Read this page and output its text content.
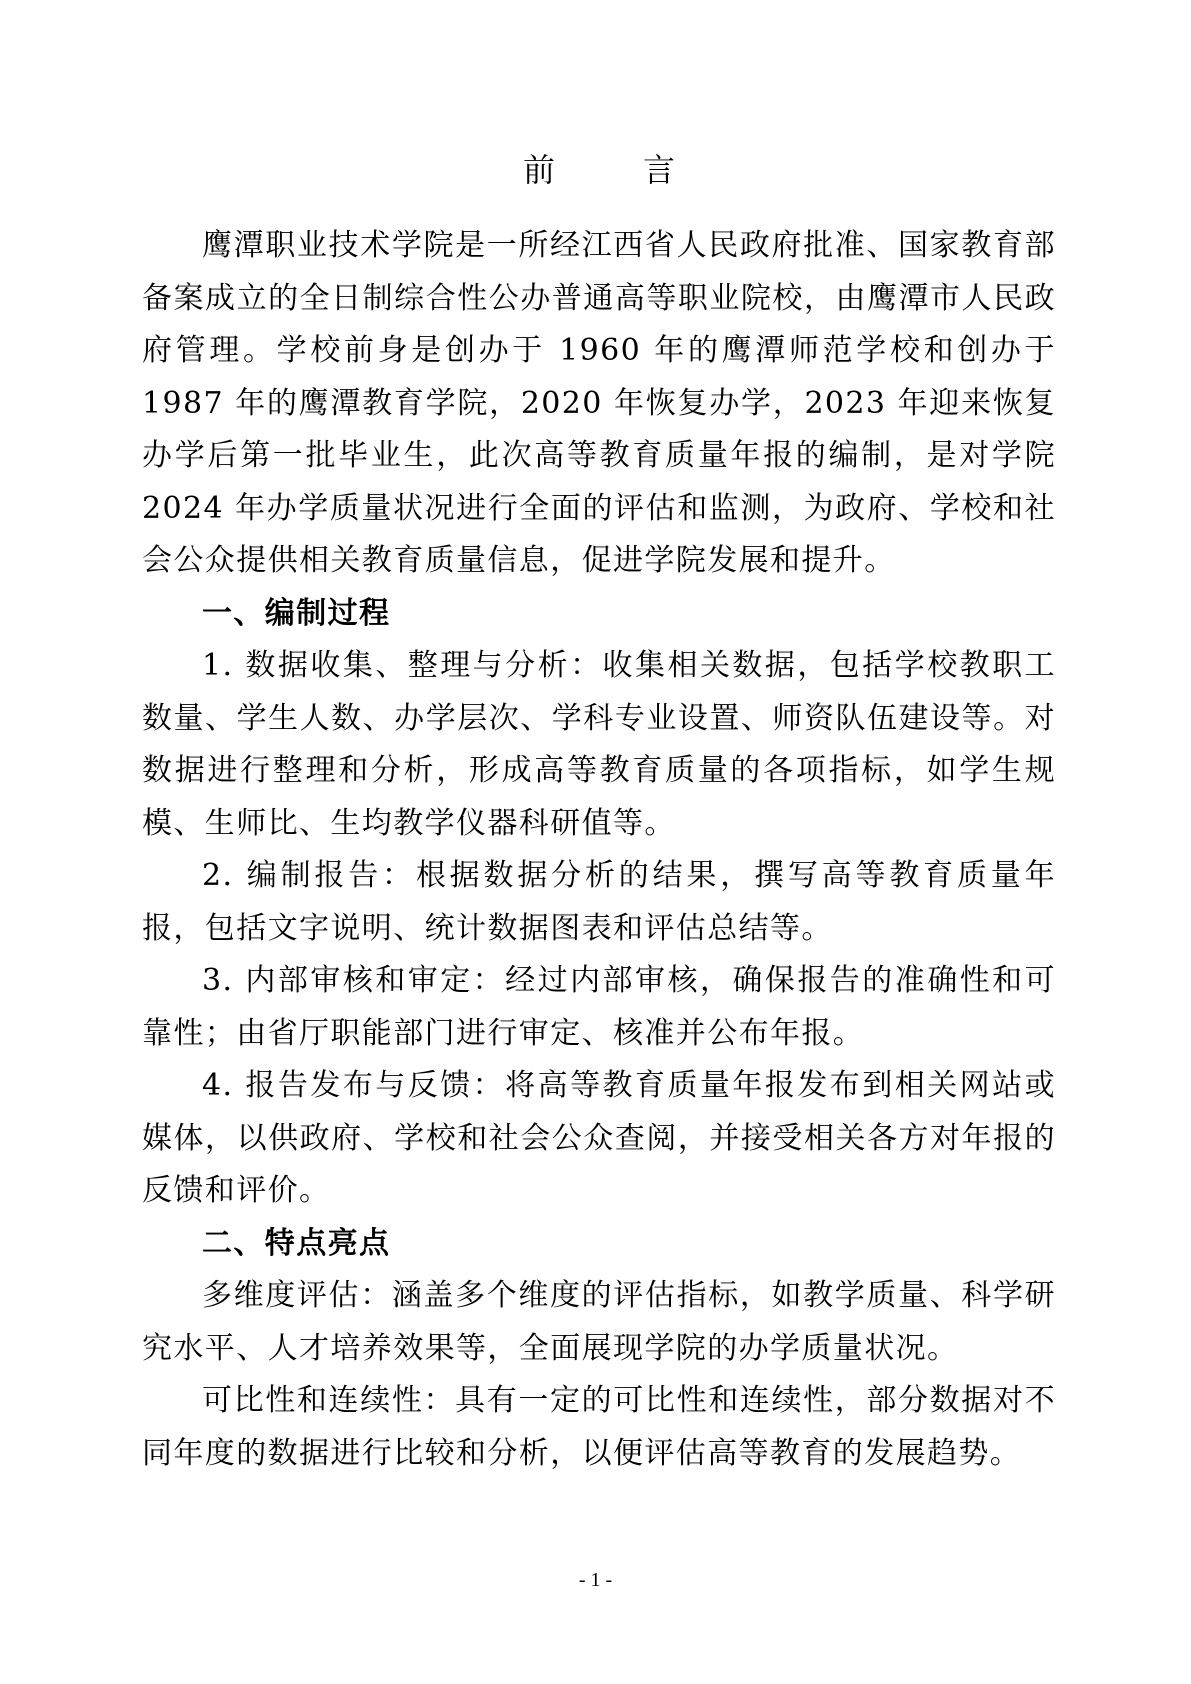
前　言

鹰潭职业技术学院是一所经江西省人民政府批准、国家教育部备案成立的全日制综合性公办普通高等职业院校，由鹰潭市人民政府管理。学校前身是创办于 1960 年的鹰潭师范学校和创办于 1987 年的鹰潭教育学院，2020 年恢复办学，2023 年迎来恢复办学后第一批毕业生，此次高等教育质量年报的编制，是对学院 2024 年办学质量状况进行全面的评估和监测，为政府、学校和社会公众提供相关教育质量信息，促进学院发展和提升。

一、编制过程

1. 数据收集、整理与分析：收集相关数据，包括学校教职工数量、学生人数、办学层次、学科专业设置、师资队伍建设等。对数据进行整理和分析，形成高等教育质量的各项指标，如学生规模、生师比、生均教学仪器科研值等。

2. 编制报告：根据数据分析的结果，撰写高等教育质量年报，包括文字说明、统计数据图表和评估总结等。

3. 内部审核和审定：经过内部审核，确保报告的准确性和可靠性；由省厅职能部门进行审定、核准并公布年报。

4. 报告发布与反馈：将高等教育质量年报发布到相关网站或媒体，以供政府、学校和社会公众查阅，并接受相关各方对年报的反馈和评价。

二、特点亮点

多维度评估：涵盖多个维度的评估指标，如教学质量、科学研究水平、人才培养效果等，全面展现学院的办学质量状况。

可比性和连续性：具有一定的可比性和连续性，部分数据对不同年度的数据进行比较和分析，以便评估高等教育的发展趋势。

- 1 -
